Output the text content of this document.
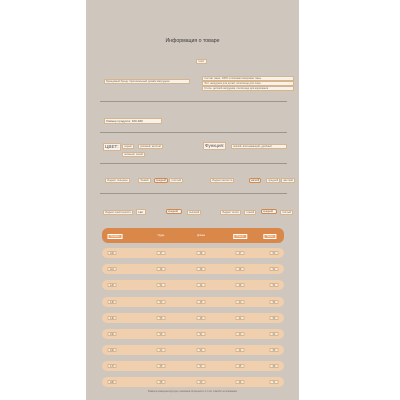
Информация о товаре
текст
Брендовый бренд: Оригинальный дизайн Нагрудник
Состав ткани: 100% хлопковая махровая ткань
Тип: нагрудник для детей, полотенце для лица
Стиль: детский нагрудник, полотенце для кормления
Размер продукта: 100-180
ЦВЕТ:	серый	розовый, желтый
зеленый, синий
Функция:	мягкий, впитывающий, удобный
Индекс толщины	Тонкий	средний	толстый	Индекс мягкости	мягкий	средний	жесткий
Индекс эластичности	Нет	средний	высокий	Индекс тепла	тонкий	средний	теплый
Размер	Грудь	Длина	Плечо	Талия
100	47	36	27	50
110	49	39	28	52
120	51	42	29	54
130	53	45	30	56
140	56	48	32	59
150	59	51	33	62
160	62	54	34	65
170	65	57	35	68
180	68	60	36	71
Размеры измерены вручную, возможна погрешность 1-3 см, спасибо за понимание
